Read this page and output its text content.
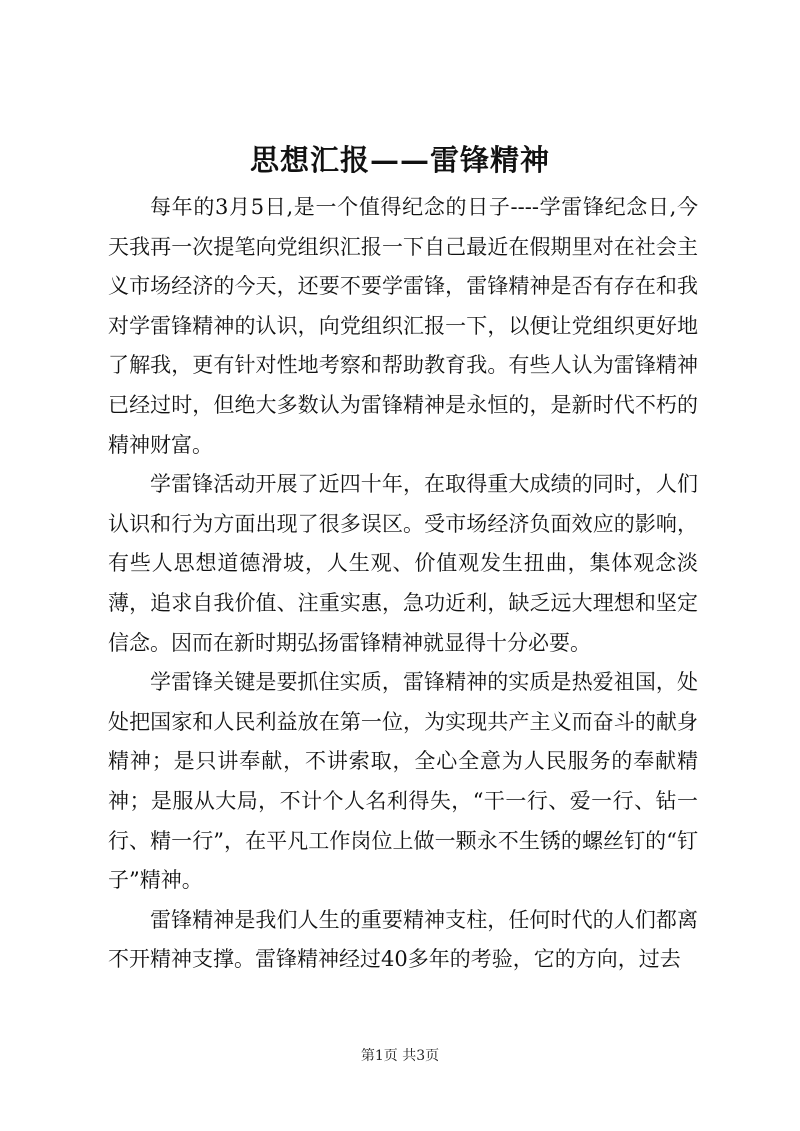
思想汇报——雷锋精神

每年的3月5日,是一个值得纪念的日子----学雷锋纪念日,今天我再一次提笔向党组织汇报一下自己最近在假期里对在社会主义市场经济的今天，还要不要学雷锋，雷锋精神是否有存在和我对学雷锋精神的认识，向党组织汇报一下，以便让党组织更好地了解我，更有针对性地考察和帮助教育我。有些人认为雷锋精神已经过时，但绝大多数认为雷锋精神是永恒的，是新时代不朽的精神财富。

学雷锋活动开展了近四十年，在取得重大成绩的同时，人们认识和行为方面出现了很多误区。受市场经济负面效应的影响，有些人思想道德滑坡，人生观、价值观发生扭曲，集体观念淡薄，追求自我价值、注重实惠，急功近利，缺乏远大理想和坚定信念。因而在新时期弘扬雷锋精神就显得十分必要。

学雷锋关键是要抓住实质，雷锋精神的实质是热爱祖国，处处把国家和人民利益放在第一位，为实现共产主义而奋斗的献身精神；是只讲奉献，不讲索取，全心全意为人民服务的奉献精神；是服从大局，不计个人名利得失，“干一行、爱一行、钻一行、精一行”，在平凡工作岗位上做一颗永不生锈的螺丝钉的“钉子”精神。

雷锋精神是我们人生的重要精神支柱，任何时代的人们都离不开精神支撑。雷锋精神经过40多年的考验，它的方向，过去

第1页 共3页
